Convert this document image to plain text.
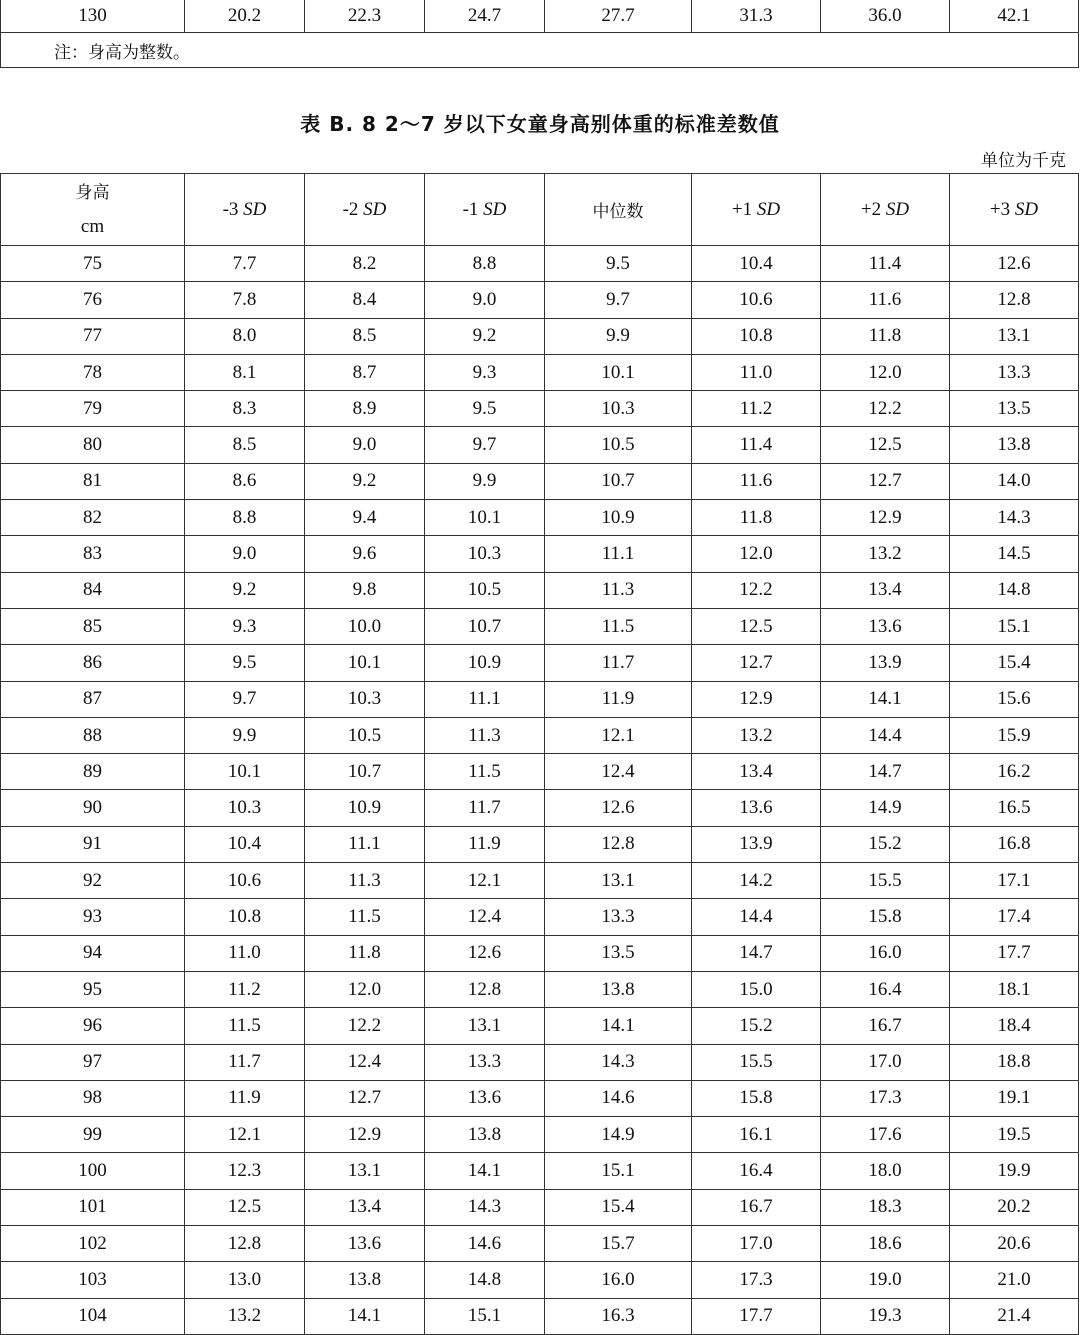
130	20.2	22.3	24.7	27.7	31.3	36.0	42.1
注：身高为整数。
表 B. 8 2～7 岁以下女童身高别体重的标准差数值
单位为千克
身高
cm	-3 SD	-2 SD	-1 SD	中位数	+1 SD	+2 SD	+3 SD
75	7.7	8.2	8.8	9.5	10.4	11.4	12.6
76	7.8	8.4	9.0	9.7	10.6	11.6	12.8
77	8.0	8.5	9.2	9.9	10.8	11.8	13.1
78	8.1	8.7	9.3	10.1	11.0	12.0	13.3
79	8.3	8.9	9.5	10.3	11.2	12.2	13.5
80	8.5	9.0	9.7	10.5	11.4	12.5	13.8
81	8.6	9.2	9.9	10.7	11.6	12.7	14.0
82	8.8	9.4	10.1	10.9	11.8	12.9	14.3
83	9.0	9.6	10.3	11.1	12.0	13.2	14.5
84	9.2	9.8	10.5	11.3	12.2	13.4	14.8
85	9.3	10.0	10.7	11.5	12.5	13.6	15.1
86	9.5	10.1	10.9	11.7	12.7	13.9	15.4
87	9.7	10.3	11.1	11.9	12.9	14.1	15.6
88	9.9	10.5	11.3	12.1	13.2	14.4	15.9
89	10.1	10.7	11.5	12.4	13.4	14.7	16.2
90	10.3	10.9	11.7	12.6	13.6	14.9	16.5
91	10.4	11.1	11.9	12.8	13.9	15.2	16.8
92	10.6	11.3	12.1	13.1	14.2	15.5	17.1
93	10.8	11.5	12.4	13.3	14.4	15.8	17.4
94	11.0	11.8	12.6	13.5	14.7	16.0	17.7
95	11.2	12.0	12.8	13.8	15.0	16.4	18.1
96	11.5	12.2	13.1	14.1	15.2	16.7	18.4
97	11.7	12.4	13.3	14.3	15.5	17.0	18.8
98	11.9	12.7	13.6	14.6	15.8	17.3	19.1
99	12.1	12.9	13.8	14.9	16.1	17.6	19.5
100	12.3	13.1	14.1	15.1	16.4	18.0	19.9
101	12.5	13.4	14.3	15.4	16.7	18.3	20.2
102	12.8	13.6	14.6	15.7	17.0	18.6	20.6
103	13.0	13.8	14.8	16.0	17.3	19.0	21.0
104	13.2	14.1	15.1	16.3	17.7	19.3	21.4
